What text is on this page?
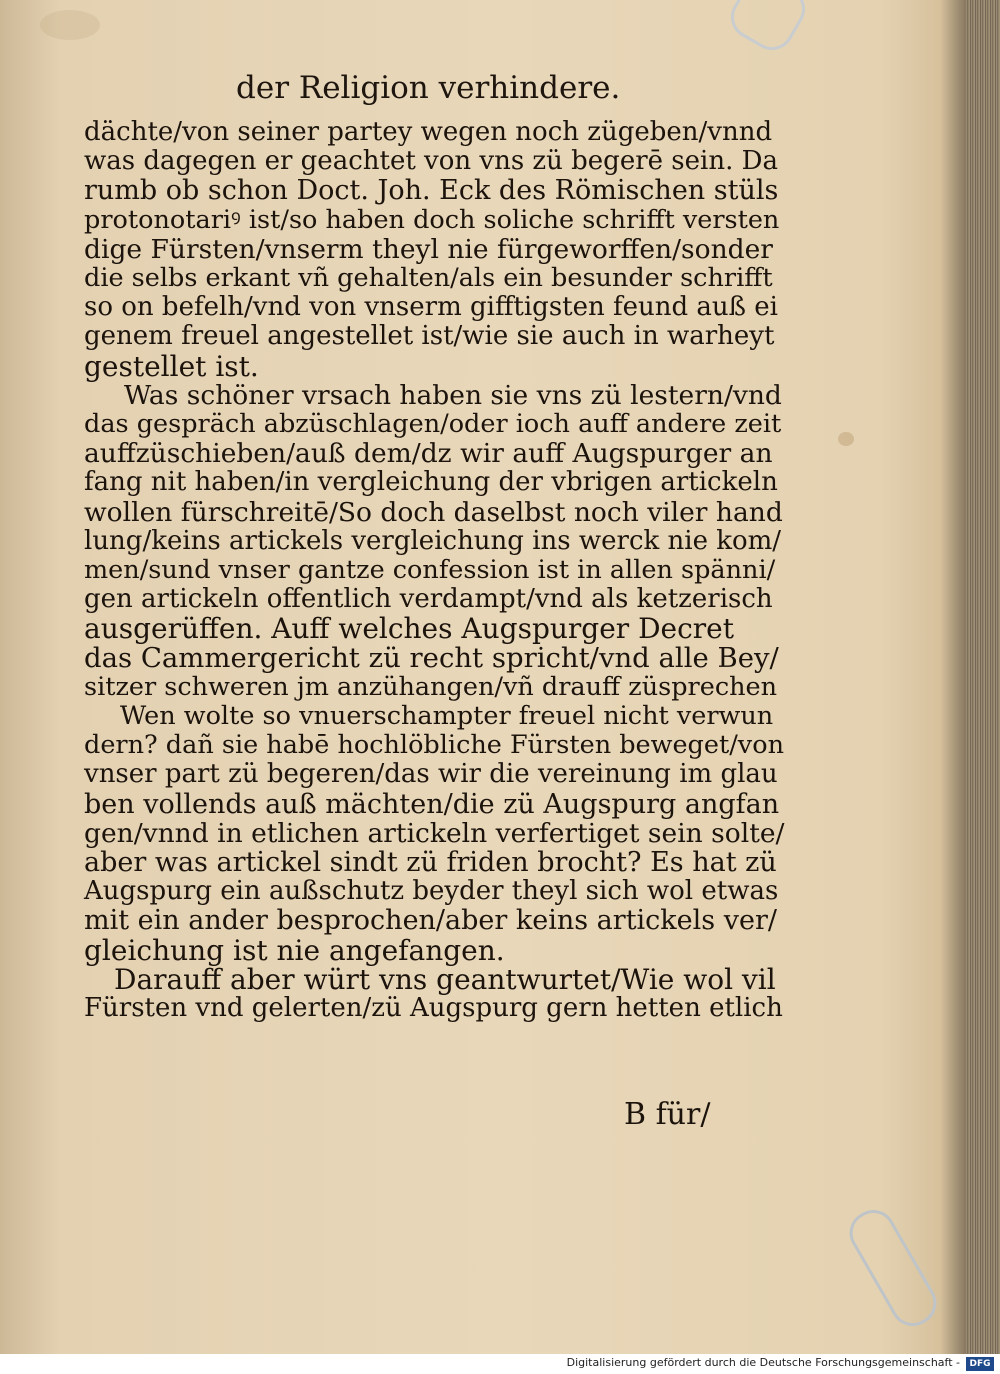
der Religion verhindere.
dächte/von seiner partey wegen noch zügeben/vnnd
was dagegen er geachtet von vns zü begerē sein. Da
rumb ob schon Doct. Joh. Eck des Römischen stüls
protonotariꝰ ist/so haben doch soliche schrifft versten
dige Fürsten/vnserm theyl nie fürgeworffen/sonder
die selbs erkant vñ gehalten/als ein besunder schrifft
so on befelh/vnd von vnserm gifftigsten feund auß ei
genem freuel angestellet ist/wie sie auch in warheyt
gestellet ist.
Was schöner vrsach haben sie vns zü lestern/vnd
das gespräch abzüschlagen/oder ioch auff andere zeit
auffzüschieben/auß dem/dz wir auff Augspurger an
fang nit haben/in vergleichung der vbrigen artickeln
wollen fürschreitē/So doch daselbst noch viler hand
lung/keins artickels vergleichung ins werck nie kom/
men/sund vnser gantze confession ist in allen spänni/
gen artickeln offentlich verdampt/vnd als ketzerisch
ausgerüffen. Auff welches Augspurger Decret
das Cammergericht zü recht spricht/vnd alle Bey/
sitzer schweren jm anzühangen/vñ drauff züsprechen
Wen wolte so vnuerschampter freuel nicht verwun
dern? dañ sie habē hochlöbliche Fürsten beweget/von
vnser part zü begeren/das wir die vereinung im glau
ben vollends auß mächten/die zü Augspurg angfan
gen/vnnd in etlichen artickeln verfertiget sein solte/
aber was artickel sindt zü friden brocht? Es hat zü
Augspurg ein außschutz beyder theyl sich wol etwas
mit ein ander besprochen/aber keins artickels ver/
gleichung ist nie angefangen.
Darauff aber würt vns geantwurtet/Wie wol vil
Fürsten vnd gelerten/zü Augspurg gern hetten etlich
B für/
Digitalisierung gefördert durch die Deutsche Forschungsgemeinschaft -	DFG
